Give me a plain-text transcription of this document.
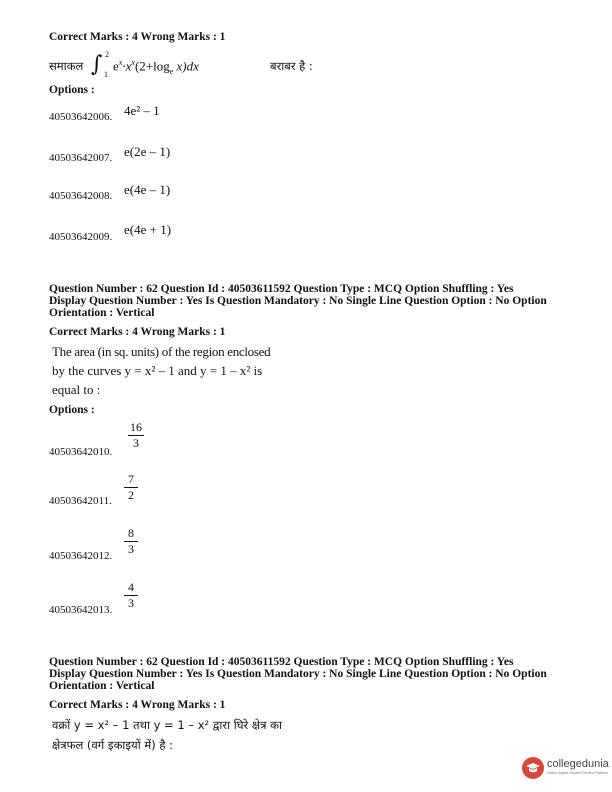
Correct Marks : 4 Wrong Marks : 1
समाकल ∫ 2
1
$e^x\cdot x^x(2+\log_e$ x)dx	बराबर है :
Options :
40503642006. 4e² – 1
40503642007. e(2e – 1)
40503642008. e(4e – 1)
40503642009. e(4e + 1)
Question Number : 62 Question Id : 40503611592 Question Type : MCQ Option Shuffling : Yes
Display Question Number : Yes Is Question Mandatory : No Single Line Question Option : No Option
Orientation : Vertical
Correct Marks : 4 Wrong Marks : 1
The area (in sq. units) of the region enclosed
by the curves y = x² – 1 and y = 1 – x² is
equal to :
Options :
40503642010.
16
3
40503642011.
7
2
40503642012.
8
3
40503642013.
4
3
Question Number : 62 Question Id : 40503611592 Question Type : MCQ Option Shuffling : Yes
Display Question Number : Yes Is Question Mandatory : No Single Line Question Option : No Option
Orientation : Vertical
Correct Marks : 4 Wrong Marks : 1
वक्रों y = x² – 1 तथा y = 1 – x² द्वारा घिरे क्षेत्र का
क्षेत्रफल (वर्ग इकाइयों में) है :
collegedunia
India's largest Student Review Platform
